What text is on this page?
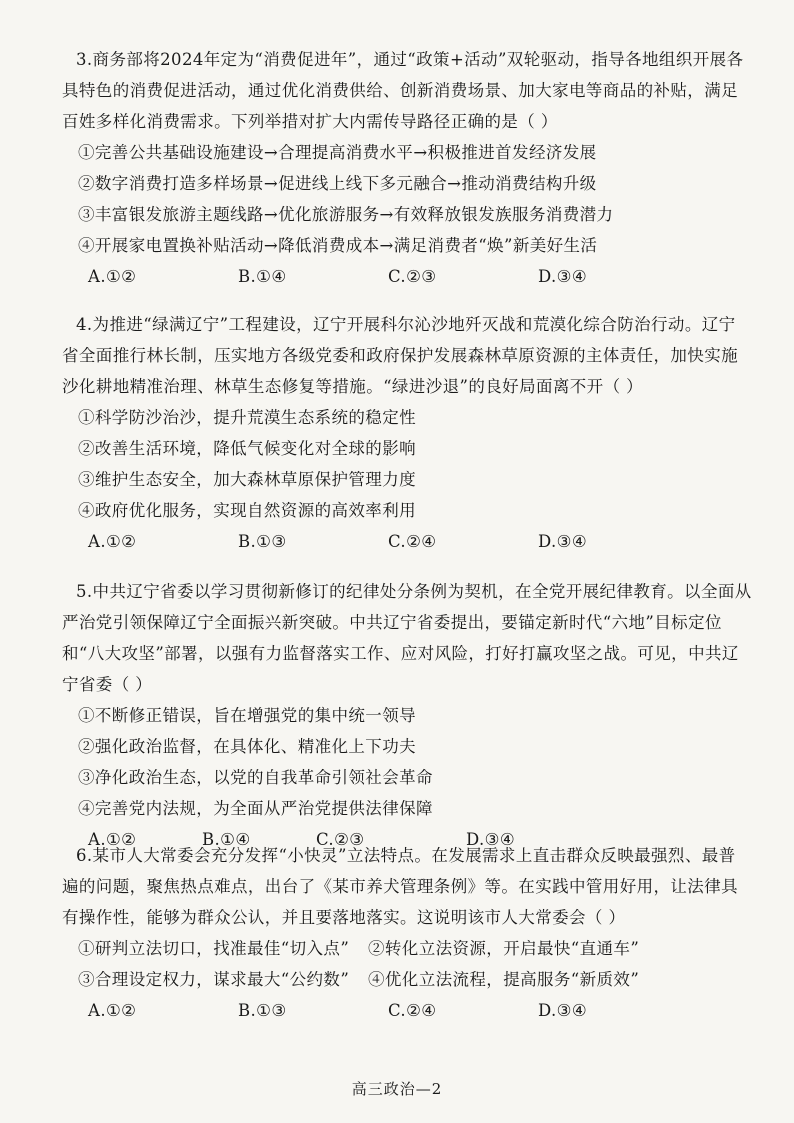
3.商务部将2024年定为“消费促进年”，通过“政策+活动”双轮驱动，指导各地组织开展各具特色的消费促进活动，通过优化消费供给、创新消费场景、加大家电等商品的补贴，满足百姓多样化消费需求。下列举措对扩大内需传导路径正确的是（ ）

①完善公共基础设施建设→合理提高消费水平→积极推进首发经济发展

②数字消费打造多样场景→促进线上线下多元融合→推动消费结构升级

③丰富银发旅游主题线路→优化旅游服务→有效释放银发族服务消费潜力

④开展家电置换补贴活动→降低消费成本→满足消费者“焕”新美好生活

A.①②	B.①④	C.②③	D.③④

4.为推进“绿满辽宁”工程建设，辽宁开展科尔沁沙地歼灭战和荒漠化综合防治行动。辽宁省全面推行林长制，压实地方各级党委和政府保护发展森林草原资源的主体责任，加快实施沙化耕地精准治理、林草生态修复等措施。“绿进沙退”的良好局面离不开（ ）

①科学防沙治沙，提升荒漠生态系统的稳定性

②改善生活环境，降低气候变化对全球的影响

③维护生态安全，加大森林草原保护管理力度

④政府优化服务，实现自然资源的高效率利用

A.①②	B.①③	C.②④	D.③④

5.中共辽宁省委以学习贯彻新修订的纪律处分条例为契机，在全党开展纪律教育。以全面从严治党引领保障辽宁全面振兴新突破。中共辽宁省委提出，要锚定新时代“六地”目标定位和“八大攻坚”部署，以强有力监督落实工作、应对风险，打好打赢攻坚之战。可见，中共辽宁省委（ ）

①不断修正错误，旨在增强党的集中统一领导

②强化政治监督，在具体化、精准化上下功夫

③净化政治生态，以党的自我革命引领社会革命

④完善党内法规，为全面从严治党提供法律保障

A.①②	B.①④	C.②③	D.③④

6.某市人大常委会充分发挥“小快灵”立法特点。在发展需求上直击群众反映最强烈、最普遍的问题，聚焦热点难点，出台了《某市养犬管理条例》等。在实践中管用好用，让法律具有操作性，能够为群众公认，并且要落地落实。这说明该市人大常委会（ ）

①研判立法切口，找准最佳“切入点” ②转化立法资源，开启最快“直通车”

③合理设定权力，谋求最大“公约数” ④优化立法流程，提高服务“新质效”

A.①②	B.①③	C.②④	D.③④

高三政治—2
